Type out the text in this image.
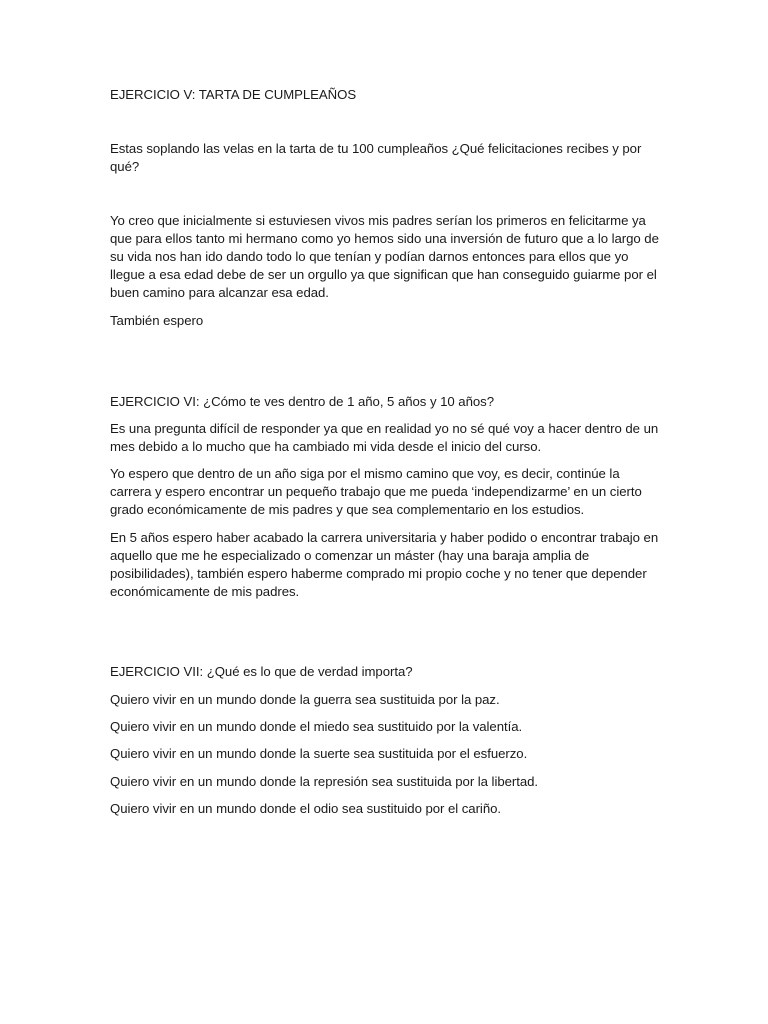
EJERCICIO V: TARTA DE CUMPLEAÑOS

Estas soplando las velas en la tarta de tu 100 cumpleaños ¿Qué felicitaciones recibes y por qué?

Yo creo que inicialmente si estuviesen vivos mis padres serían los primeros en felicitarme ya que para ellos tanto mi hermano como yo hemos sido una inversión de futuro que a lo largo de su vida nos han ido dando todo lo que tenían y podían darnos entonces para ellos que yo llegue a esa edad debe de ser un orgullo ya que significan que han conseguido guiarme por el buen camino para alcanzar esa edad.

También espero

EJERCICIO VI: ¿Cómo te ves dentro de 1 año, 5 años y 10 años?

Es una pregunta difícil de responder ya que en realidad yo no sé qué voy a hacer dentro de un mes debido a lo mucho que ha cambiado mi vida desde el inicio del curso.

Yo espero que dentro de un año siga por el mismo camino que voy, es decir, continúe la carrera y espero encontrar un pequeño trabajo que me pueda ‘independizarme’ en un cierto grado económicamente de mis padres y que sea complementario en los estudios.

En 5 años espero haber acabado la carrera universitaria y haber podido o encontrar trabajo en aquello que me he especializado o comenzar un máster (hay una baraja amplia de posibilidades), también espero haberme comprado mi propio coche y no tener que depender económicamente de mis padres.

EJERCICIO VII: ¿Qué es lo que de verdad importa?

Quiero vivir en un mundo donde la guerra sea sustituida por la paz.

Quiero vivir en un mundo donde el miedo sea sustituido por la valentía.

Quiero vivir en un mundo donde la suerte sea sustituida por el esfuerzo.

Quiero vivir en un mundo donde la represión sea sustituida por la libertad.

Quiero vivir en un mundo donde el odio sea sustituido por el cariño.
